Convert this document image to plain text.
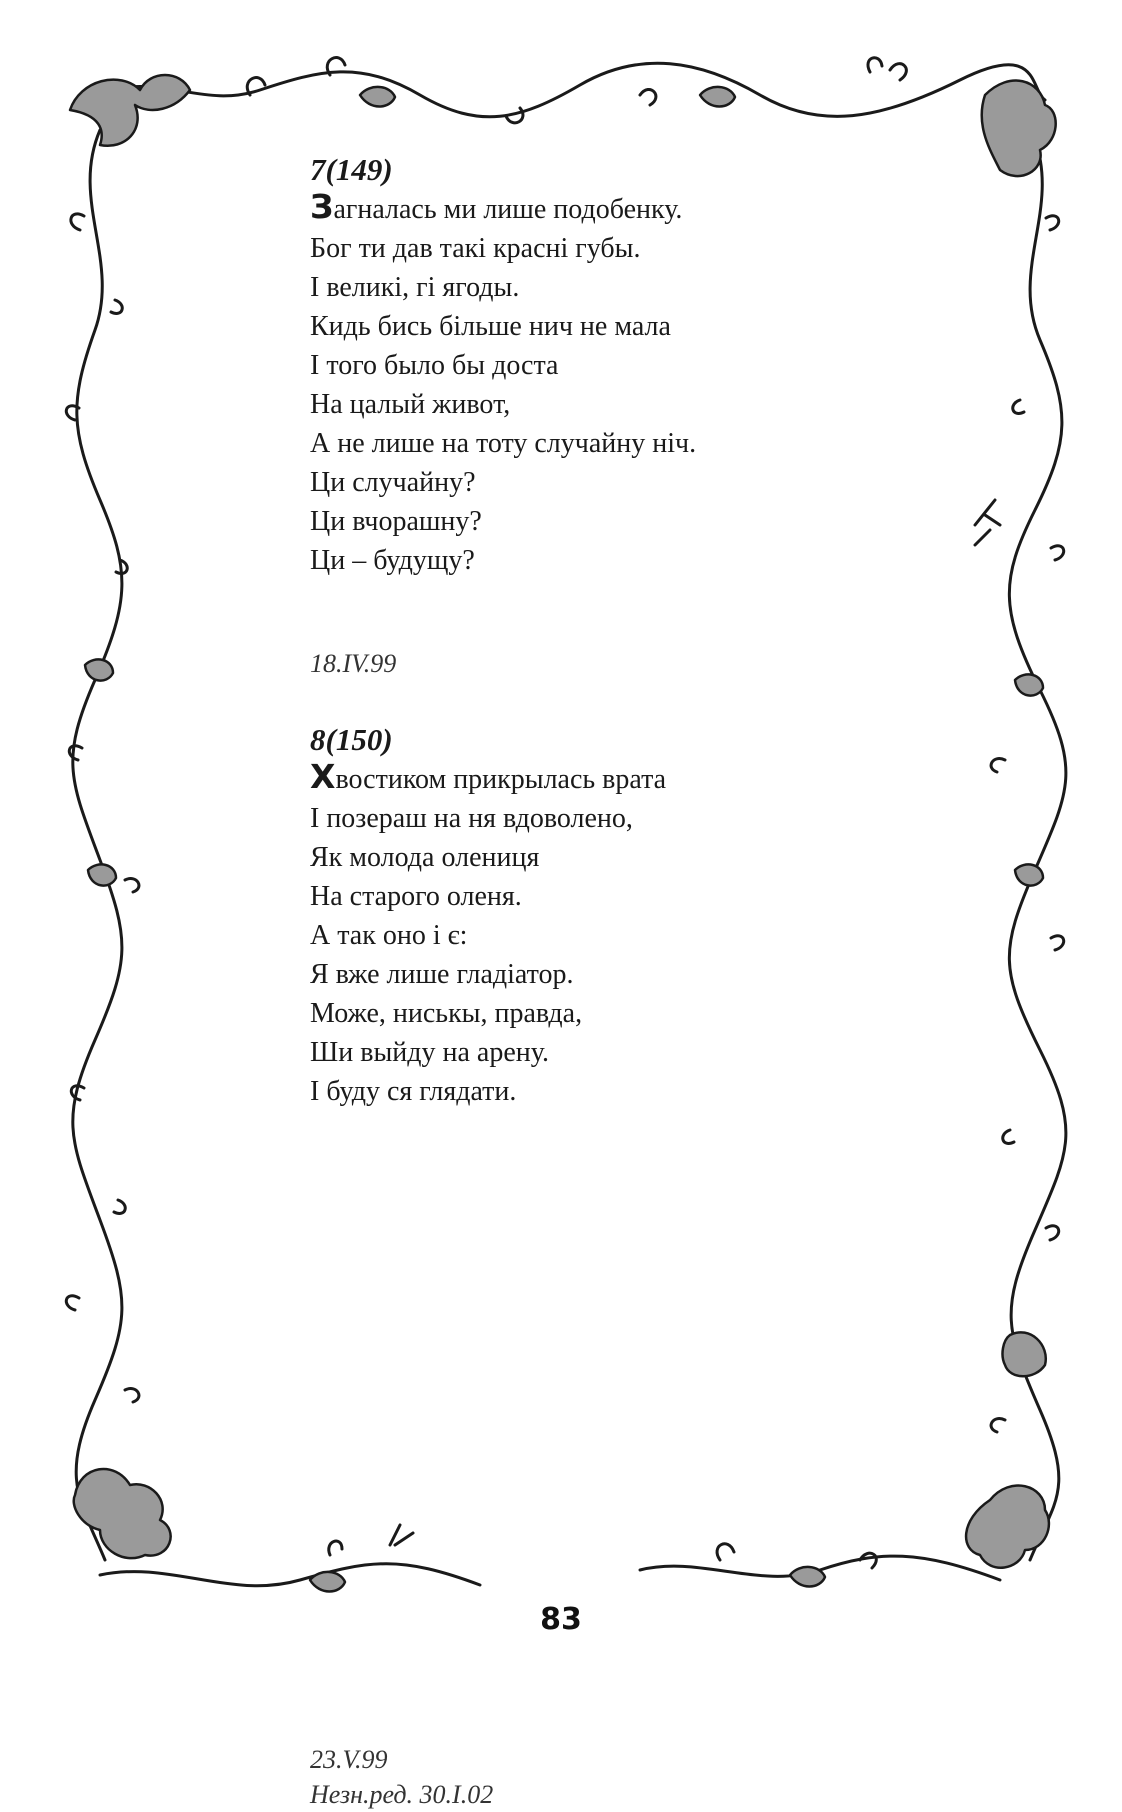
7(149)
Загналась ми лише подобенку.
Бог ти дав такі красні губы.
І великі, гі ягоды.
Кидь бись більше нич не мала
І того было бы доста
На цалый живот,
А не лише на тоту случайну ніч.
Ци случайну?
Ци вчорашну?
Ци – будущу?

18.IV.99

8(150)
Хвостиком прикрылась врата
І позераш на ня вдоволено,
Як молода олениця
На старого оленя.
А так оно і є:
Я вже лише гладіатор.
Може, ниськы, правда,
Ши выйду на арену.
І буду ся глядати.

23.V.99

Незн.ред. 30.І.02

83
